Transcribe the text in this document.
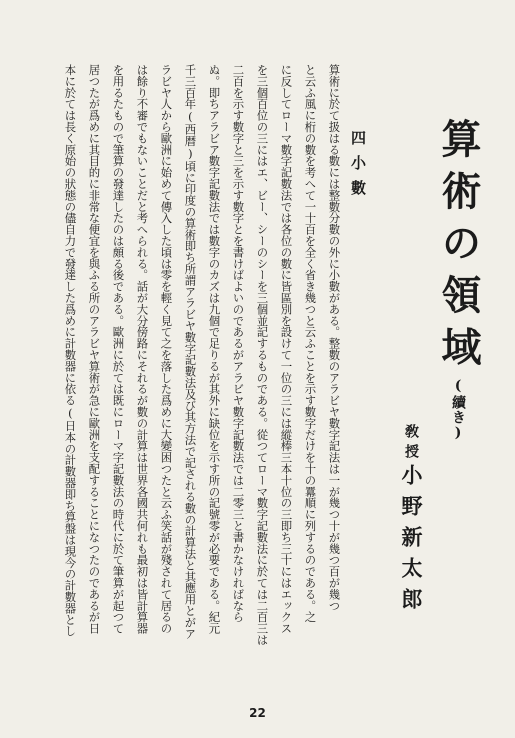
算術の領域(續き)
敎授小野新太郎
四小數
算術に於て扱はる數には整數分數の外に小數がある。整數のアラビヤ數字記法は一が幾つ十が幾つ百が幾つ
と云ふ風に桁の數を考へて一十百を全く省き幾つと云ふことを示す數字だけを十の羃順に列するのである。之
に反してローマ數字記數法では各位の數に皆區別を設けて一位の三には縱棒三本十位の三即ち三十にはエックス
を三個百位の三にはエ、ビー、シーのシーを三個並記するものである。從つてローマ數字記數法に於ては二百三は
二百を示す數字と三を示す數字とを書けばよいのであるがアラビヤ數字記數法では二零三と書かなければなら
ぬ。即ちアラビア數字記數法では數字のカズは九個で足りるが其外に缺位を示す所の記號零が必要である。紀元
千三百年(西暦)頃に印度の算術即ち所謂アラビヤ數字記數法及び其方法で記される數の計算法と其應用とがア
ラビヤ人から歐洲に始めて傳入した頃は零を輕く見て之を落した爲めに大變困つたと云ふ笑話が殘されて居るの
は餘り不審でもないことだと考へられる。話が大分傍路にそれるが數の計算は世界各國共何れも最初は皆計算器
を用るたもので筆算の發達したのは頗る後である。歐洲に於ては既にローマ字記數法の時代に於て筆算が起つて
居つたが爲めに其目的に非常な便宜を與ふる所のアラビヤ算術が急に歐洲を支配することになつたのであるが日
本に於ては長く原始の狀態の儘自力で發達した爲めに計數器に依る(日本の計數器即ち算盤は現今の計數器とし
22
